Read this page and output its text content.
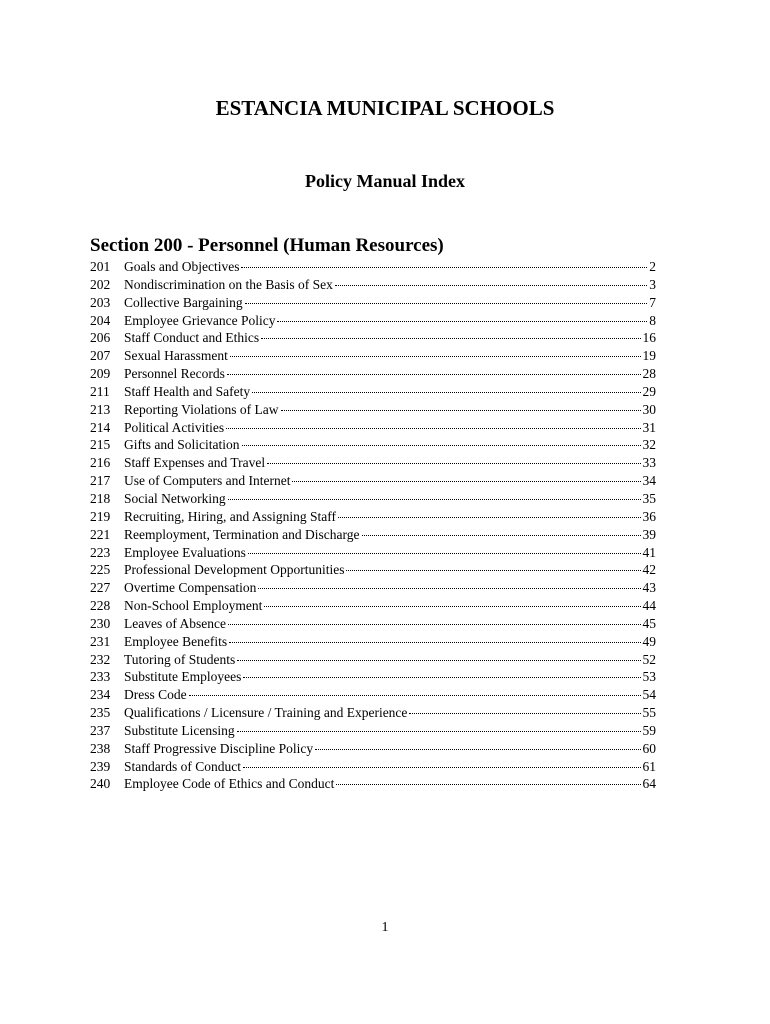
ESTANCIA MUNICIPAL SCHOOLS
Policy Manual Index
Section 200 - Personnel (Human Resources)
201	Goals and Objectives	2
202	Nondiscrimination on the Basis of Sex	3
203	Collective Bargaining	7
204	Employee Grievance Policy	8
206	Staff Conduct and Ethics	16
207	Sexual Harassment	19
209	Personnel Records	28
211	Staff Health and Safety	29
213	Reporting Violations of Law	30
214	Political Activities	31
215	Gifts and Solicitation	32
216	Staff Expenses and Travel	33
217	Use of Computers and Internet	34
218	Social Networking	35
219	Recruiting, Hiring, and Assigning Staff	36
221	Reemployment, Termination and Discharge	39
223	Employee Evaluations	41
225	Professional Development Opportunities	42
227	Overtime Compensation	43
228	Non-School Employment	44
230	Leaves of Absence	45
231	Employee Benefits	49
232	Tutoring of Students	52
233	Substitute Employees	53
234	Dress Code	54
235	Qualifications / Licensure / Training and Experience	55
237	Substitute Licensing	59
238	Staff Progressive Discipline Policy	60
239	Standards of Conduct	61
240	Employee Code of Ethics and Conduct	64
1
